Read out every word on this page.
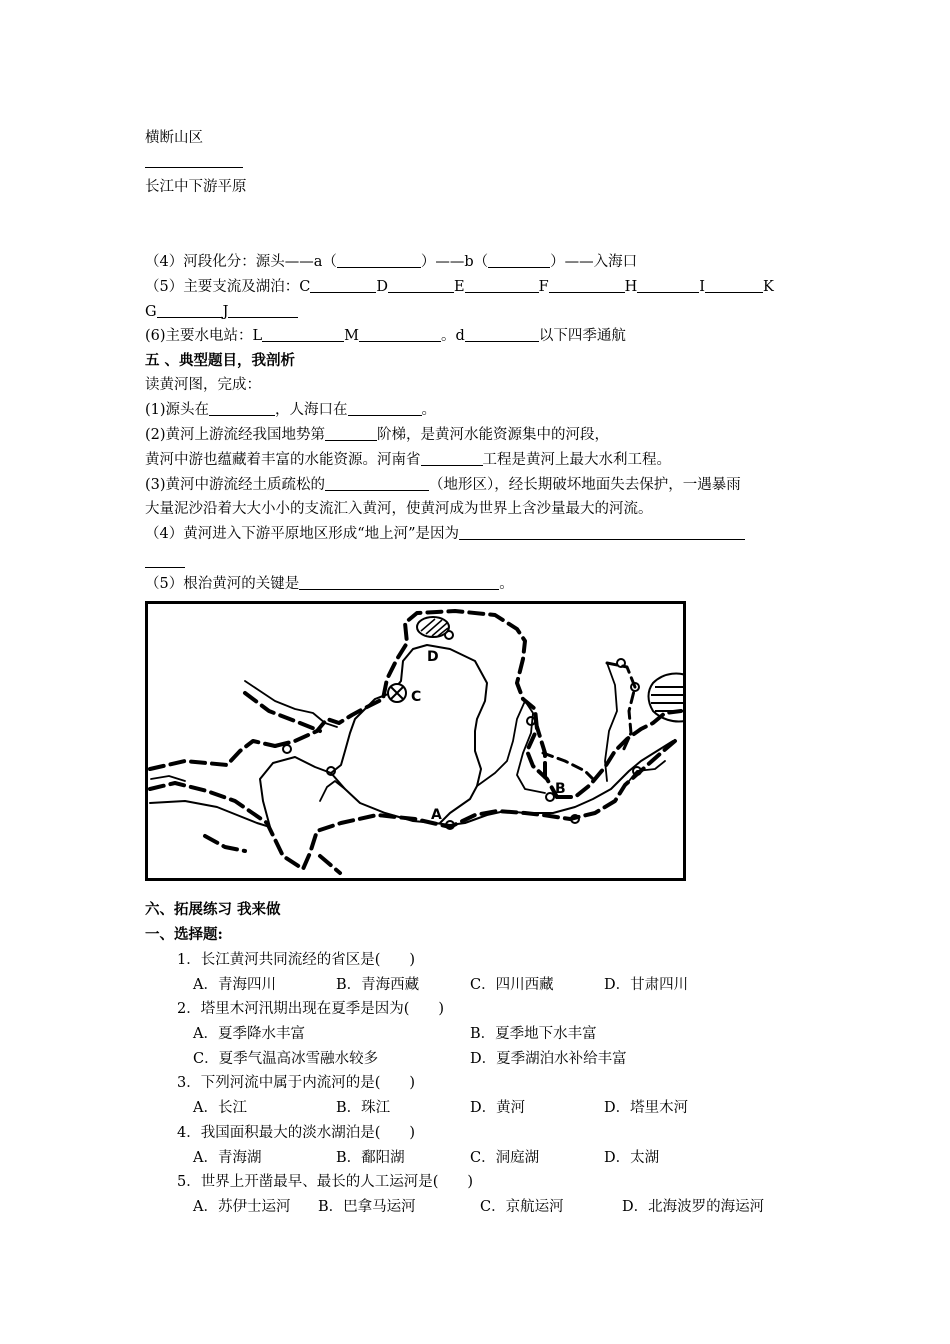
横断山区
长江中下游平原
（4）河段化分：源头——a（	）——b（	）——入海口
（5）主要支流及湖泊：C	D	E	F	H	I	K
G	J
(6)主要水电站：L	M	。d	以下四季通航
五 、典型题目，我剖析
读黄河图，完成：
(1)源头在	，人海口在	。
(2)黄河上游流经我国地势第	阶梯，是黄河水能资源集中的河段，
黄河中游也蕴藏着丰富的水能资源。河南省	工程是黄河上最大水利工程。
(3)黄河中游流经土质疏松的	（地形区），经长期破坏地面失去保护，一遇暴雨
大量泥沙沿着大大小小的支流汇入黄河，使黄河成为世界上含沙量最大的河流。
（4）黄河进入下游平原地区形成“地上河”是因为
（5）根治黄河的关键是	。
D
C
A
B
六、拓展练习 我来做
一、选择题:
1．长江黄河共同流经的省区是(　　)
A．青海四川	B．青海西藏	C．四川西藏	D．甘肃四川
2．塔里木河汛期出现在夏季是因为(　　)
A．夏季降水丰富	B．夏季地下水丰富
C．夏季气温高冰雪融水较多	D．夏季湖泊水补给丰富
3．下列河流中属于内流河的是(　　)
A．长江	B．珠江	D．黄河	D．塔里木河
4．我国面积最大的淡水湖泊是(　　)
A．青海湖	B．鄱阳湖	C．洞庭湖	D．太湖
5．世界上开凿最早、最长的人工运河是(　　)
A．苏伊士运河 B．巴拿马运河	C．京航运河	D．北海波罗的海运河
